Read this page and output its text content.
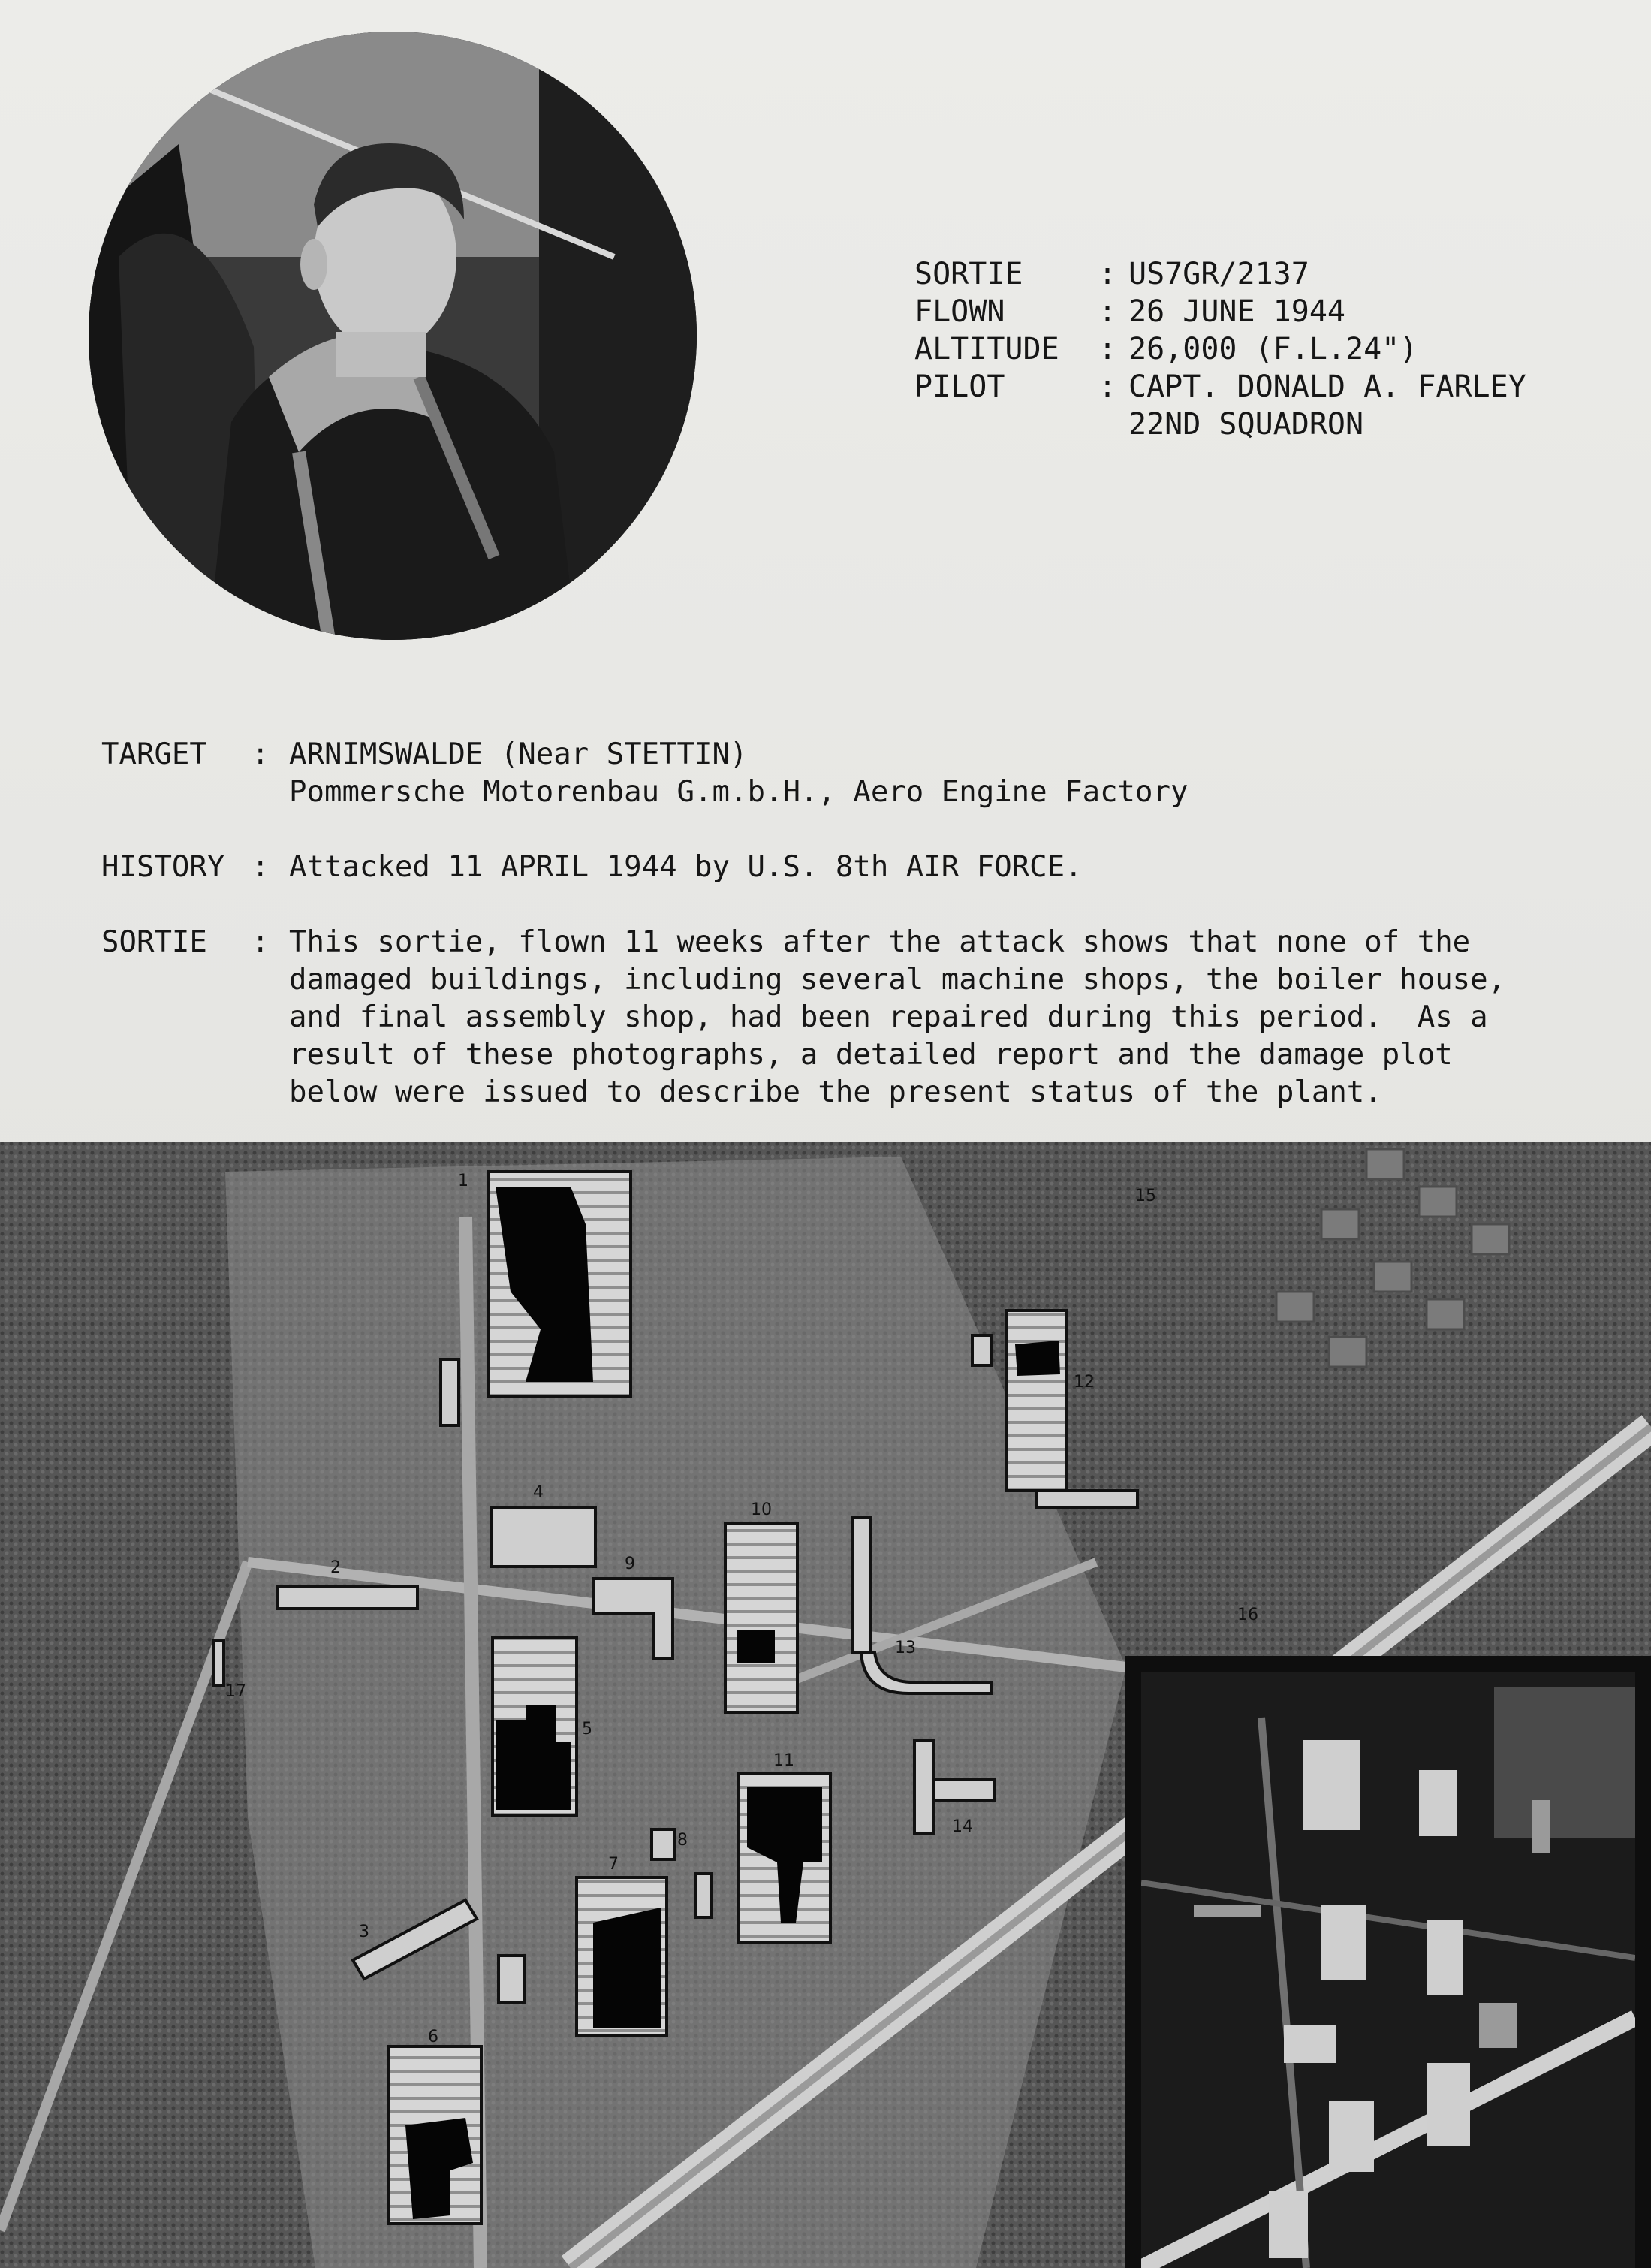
SORTIE	: US7GR/2137
FLOWN	: 26 JUNE 1944
ALTITUDE	: 26,000 (F.L.24")
PILOT	: CAPT. DONALD A. FARLEY
22ND SQUADRON
TARGET	: ARNIMSWALDE (Near STETTIN)
Pommersche Motorenbau G.m.b.H., Aero Engine Factory
HISTORY : Attacked 11 APRIL 1944 by U.S. 8th AIR FORCE.
SORTIE	: This sortie, flown 11 weeks after the attack shows that none of the
damaged buildings, including several machine shops, the boiler house,
and final assembly shop, had been repaired during this period.  As a
result of these photographs, a detailed report and the damage plot
below were issued to describe the present status of the plant.
1
2
3
4
5
6
7
8
9
10
11
12
13
14
15
16
17
